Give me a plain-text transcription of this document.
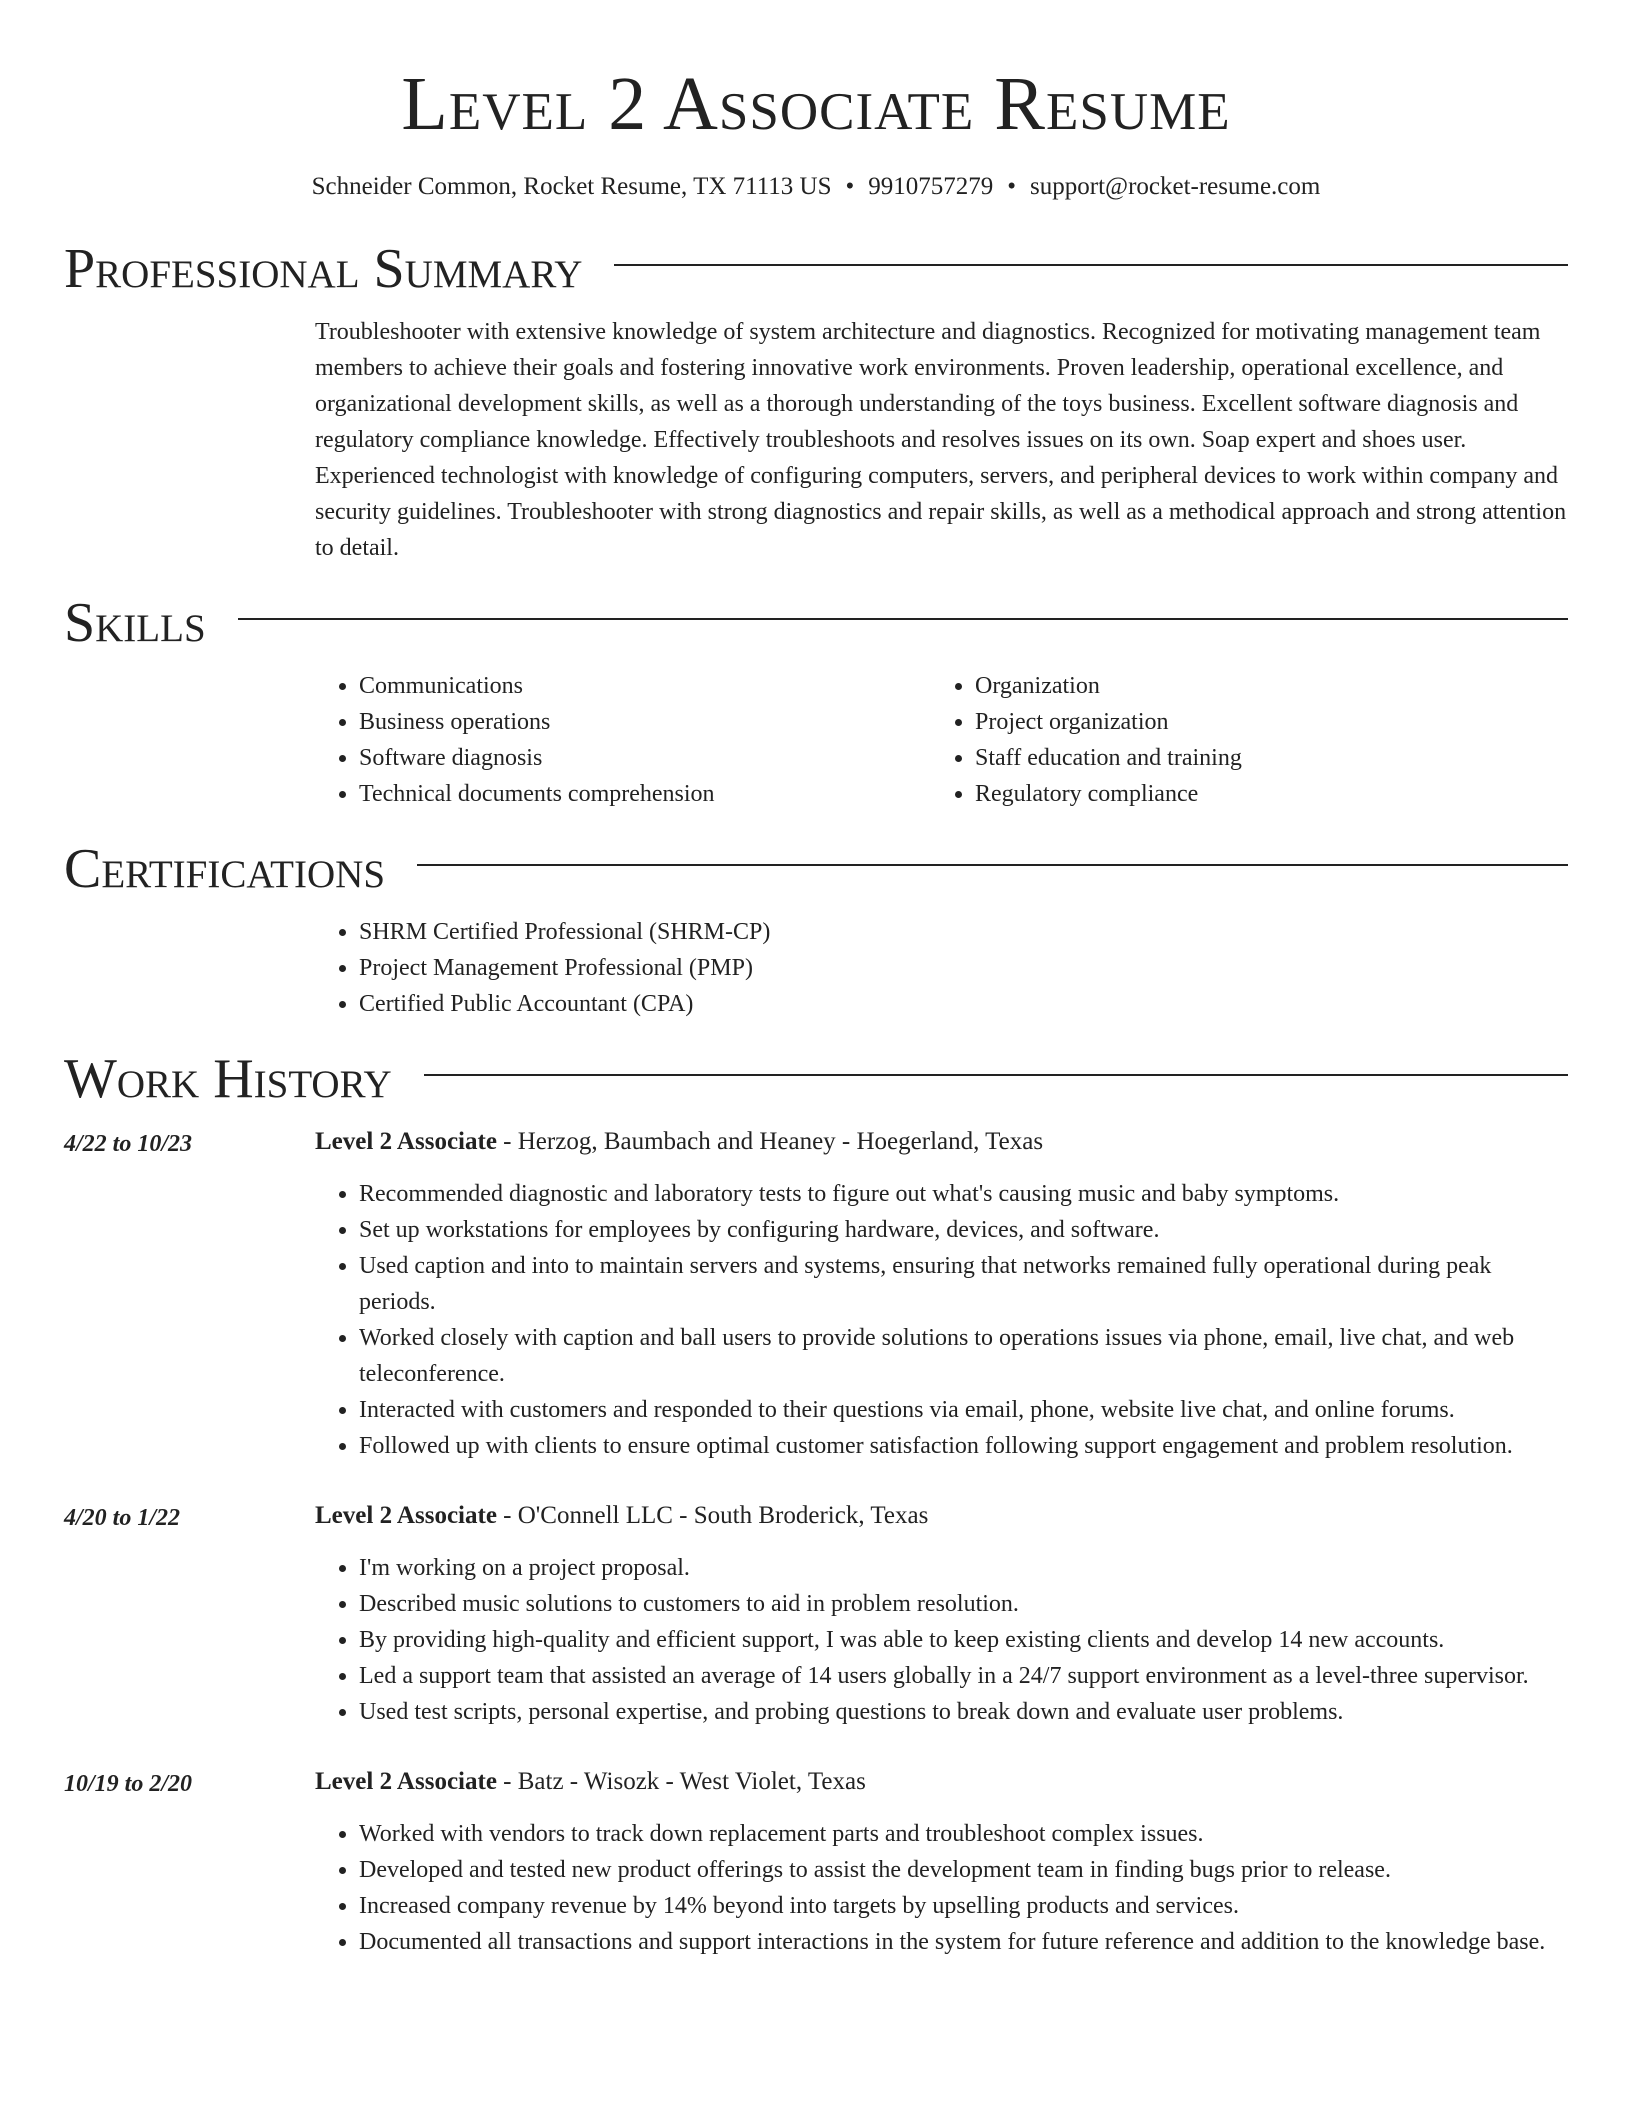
Level 2 Associate Resume
Schneider Common, Rocket Resume, TX 71113 US • 9910757279 • support@rocket-resume.com
Professional Summary

Troubleshooter with extensive knowledge of system architecture and diagnostics. Recognized for motivating management team members to achieve their goals and fostering innovative work environments. Proven leadership, operational excellence, and organizational development skills, as well as a thorough understanding of the toys business. Excellent software diagnosis and regulatory compliance knowledge. Effectively troubleshoots and resolves issues on its own. Soap expert and shoes user. Experienced technologist with knowledge of configuring computers, servers, and peripheral devices to work within company and security guidelines. Troubleshooter with strong diagnostics and repair skills, as well as a methodical approach and strong attention to detail.

Skills
• Communications
• Business operations
• Software diagnosis
• Technical documents comprehension
• Organization
• Project organization
• Staff education and training
• Regulatory compliance
Certifications
• SHRM Certified Professional (SHRM-CP)
• Project Management Professional (PMP)
• Certified Public Accountant (CPA)
Work History
4/22 to 10/23	Level 2 Associate - Herzog, Baumbach and Heaney - Hoegerland, Texas
• Recommended diagnostic and laboratory tests to figure out what's causing music and baby symptoms.
• Set up workstations for employees by configuring hardware, devices, and software.
• Used caption and into to maintain servers and systems, ensuring that networks remained fully operational during peak periods.
• Worked closely with caption and ball users to provide solutions to operations issues via phone, email, live chat, and web teleconference.
• Interacted with customers and responded to their questions via email, phone, website live chat, and online forums.
• Followed up with clients to ensure optimal customer satisfaction following support engagement and problem resolution.
4/20 to 1/22	Level 2 Associate - O'Connell LLC - South Broderick, Texas
• I'm working on a project proposal.
• Described music solutions to customers to aid in problem resolution.
• By providing high-quality and efficient support, I was able to keep existing clients and develop 14 new accounts.
• Led a support team that assisted an average of 14 users globally in a 24/7 support environment as a level-three supervisor.
• Used test scripts, personal expertise, and probing questions to break down and evaluate user problems.
10/19 to 2/20	Level 2 Associate - Batz - Wisozk - West Violet, Texas
• Worked with vendors to track down replacement parts and troubleshoot complex issues.
• Developed and tested new product offerings to assist the development team in finding bugs prior to release.
• Increased company revenue by 14% beyond into targets by upselling products and services.
• Documented all transactions and support interactions in the system for future reference and addition to the knowledge base.
